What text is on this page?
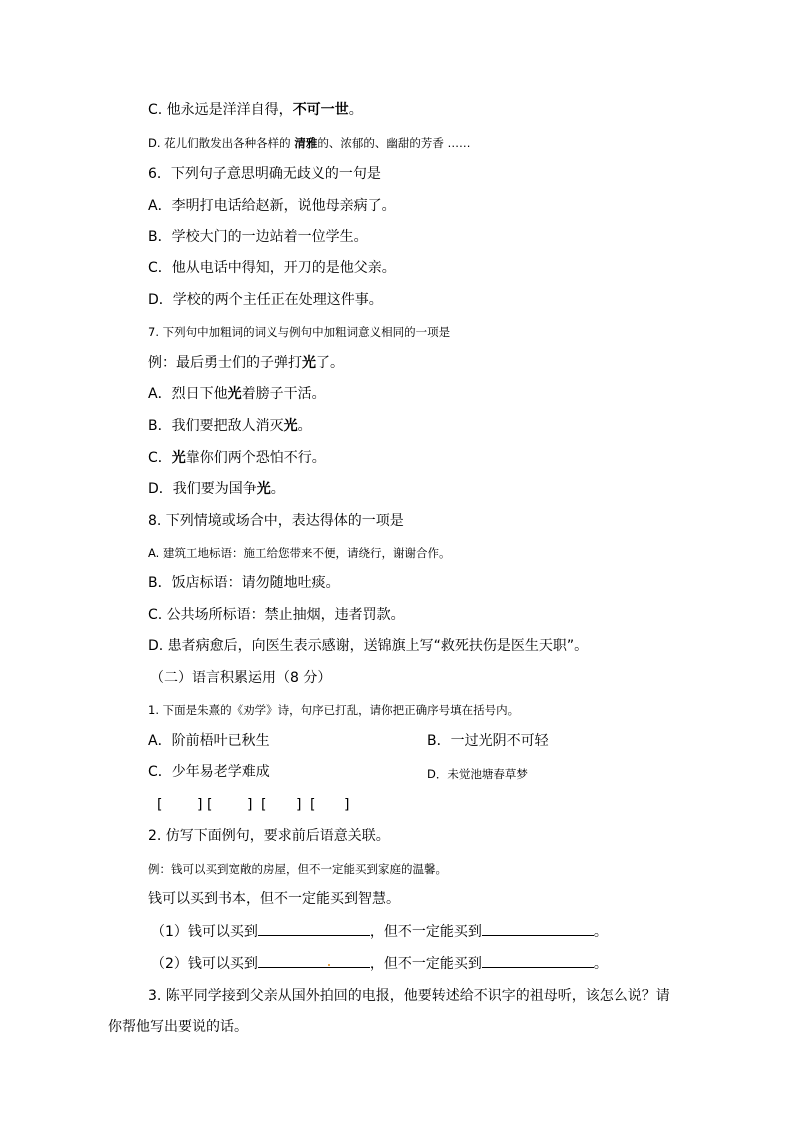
C. 他永远是洋洋自得，不可一世。
D. 花儿们散发出各种各样的 清雅的、浓郁的、幽甜的芳香 ……
6．下列句子意思明确无歧义的一句是
A．李明打电话给赵新，说他母亲病了。
B．学校大门的一边站着一位学生。
C．他从电话中得知，开刀的是他父亲。
D．学校的两个主任正在处理这件事。
7. 下列句中加粗词的词义与例句中加粗词意义相同的一项是
例：最后勇士们的子弹打光了。
A．烈日下他光着膀子干活。
B．我们要把敌人消灭光。
C．光靠你们两个恐怕不行。
D．我们要为国争光。
8. 下列情境或场合中，表达得体的一项是
A. 建筑工地标语：施工给您带来不便，请绕行，谢谢合作。
B．饭店标语：请勿随地吐痰。
C. 公共场所标语：禁止抽烟，违者罚款。
D. 患者病愈后，向医生表示感谢，送锦旗上写“救死扶伤是医生天职”。
（二）语言积累运用（8 分）
1. 下面是朱熹的《劝学》诗，句序已打乱，请你把正确序号填在括号内。
A．阶前梧叶已秋生	B．一过光阴不可轻
C．少年易老学难成	D．未觉池塘春草梦
[ ] [ ] [ ] [ ]
2. 仿写下面例句，要求前后语意关联。
例：钱可以买到宽敞的房屋，但不一定能买到家庭的温馨。
钱可以买到书本，但不一定能买到智慧。
（1）钱可以买到	，但不一定能买到	。
（2）钱可以买到	，但不一定能买到	。
3. 陈平同学接到父亲从国外拍回的电报，他要转述给不识字的祖母听，该怎么说？请
你帮他写出要说的话。
